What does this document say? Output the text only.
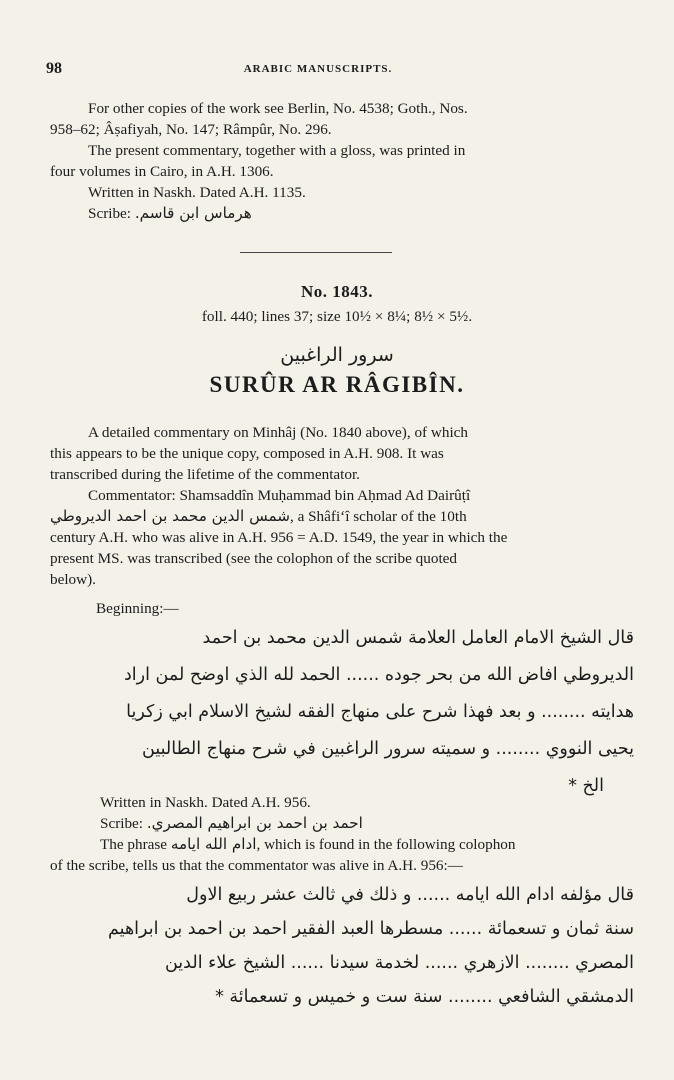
98	ARABIC MANUSCRIPTS.

For other copies of the work see Berlin, No. 4538; Goth., Nos.

958–62; Âṣafiyah, No. 147; Râmpûr, No. 296.

The present commentary, together with a gloss, was printed in

four volumes in Cairo, in A.H. 1306.

Written in Naskh. Dated A.H. 1135.

Scribe: هرماس ابن قاسم.

No. 1843.
foll. 440; lines 37; size 10½ × 8¼; 8½ × 5½.
سرور الراغبين
SURÛR AR RÂGIBÎN.

A detailed commentary on Minhâj (No. 1840 above), of which

this appears to be the unique copy, composed in A.H. 908. It was

transcribed during the lifetime of the commentator.

Commentator: Shamsaddîn Muḥammad bin Aḥmad Ad Dairûṭî

شمس الدين محمد بن احمد الديروطي, a Shâfi‘î scholar of the 10th

century A.H. who was alive in A.H. 956 = A.D. 1549, the year in which the

present MS. was transcribed (see the colophon of the scribe quoted

below).

Beginning:—
قال الشيخ الامام العامل العلامة شمس الدين محمد بن احمد
الديروطي افاض الله من بحر جوده ...... الحمد لله الذي اوضح لمن اراد
هدايته ........ و بعد فهذا شرح على منهاج الفقه لشيخ الاسلام ابي زكريا
يحيى النووي ........ و سميته سرور الراغبين في شرح منهاج الطالبين
الخ *

Written in Naskh. Dated A.H. 956.

Scribe: احمد بن احمد بن ابراهيم المصري.

The phrase ادام الله ايامه, which is found in the following colophon

of the scribe, tells us that the commentator was alive in A.H. 956:—

قال مؤلفه ادام الله ايامه ...... و ذلك في ثالث عشر ربيع الاول
سنة ثمان و تسعمائة ...... مسطرها العبد الفقير احمد بن احمد بن ابراهيم
المصري ........ الازهري ...... لخدمة سيدنا ...... الشيخ علاء الدين
الدمشقي الشافعي ........ سنة ست و خميس و تسعمائة *
